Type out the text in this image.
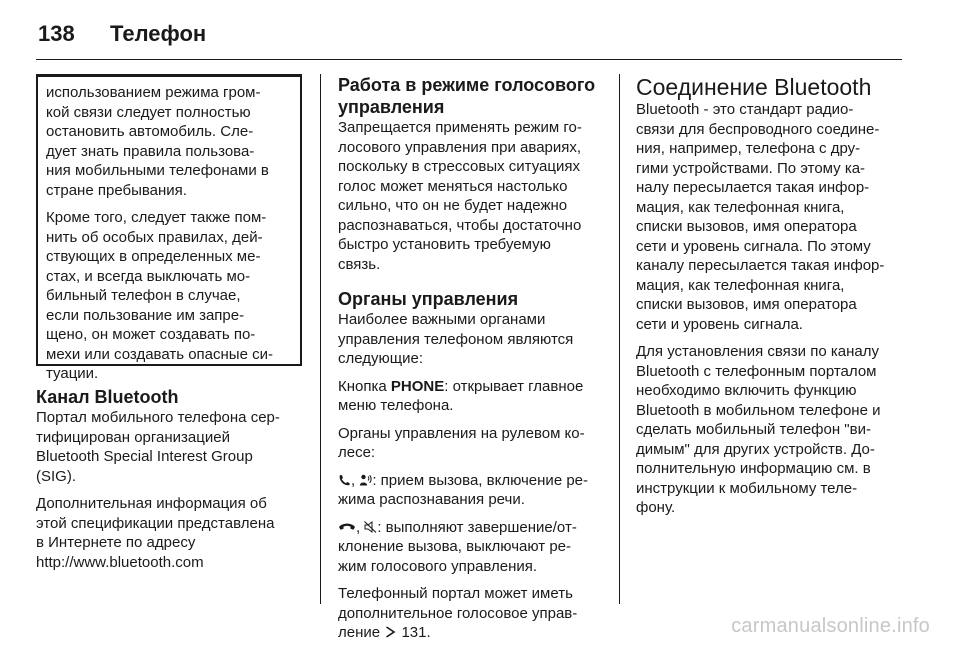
138 Телефон

использованием режима гром-
кой связи следует полностью
остановить автомобиль. Сле-
дует знать правила пользова-
ния мобильными телефонами в
стране пребывания.

Кроме того, следует также пом-
нить об особых правилах, дей-
ствующих в определенных ме-
стах, и всегда выключать мо-
бильный телефон в случае,
если пользование им запре-
щено, он может создавать по-
мехи или создавать опасные си-
туации.

Канал Bluetooth

Портал мобильного телефона сер-
тифицирован организацией
Bluetooth Special Interest Group
(SIG).

Дополнительная информация об
этой спецификации представлена
в Интернете по адресу
http://www.bluetooth.com

Работа в режиме голосового
управления

Запрещается применять режим го-
лосового управления при авариях,
поскольку в стрессовых ситуациях
голос может меняться настолько
сильно, что он не будет надежно
распознаваться, чтобы достаточно
быстро установить требуемую
связь.

Органы управления

Наиболее важными органами
управления телефоном являются
следующие:

Кнопка PHONE: открывает главное
меню телефона.

Органы управления на рулевом ко-
лесе:

, : прием вызова, включение ре-
жима распознавания речи.

, : выполняют завершение/от-
клонение вызова, выключают ре-
жим голосового управления.

Телефонный портал может иметь
дополнительное голосовое управ-
ление  131.

Соединение Bluetooth

Bluetooth - это стандарт радио-
связи для беспроводного соедине-
ния, например, телефона с дру-
гими устройствами. По этому ка-
налу пересылается такая инфор-
мация, как телефонная книга,
списки вызовов, имя оператора
сети и уровень сигнала. По этому
каналу пересылается такая инфор-
мация, как телефонная книга,
списки вызовов, имя оператора
сети и уровень сигнала.

Для установления связи по каналу
Bluetooth с телефонным порталом
необходимо включить функцию
Bluetooth в мобильном телефоне и
сделать мобильный телефон "ви-
димым" для других устройств. До-
полнительную информацию см. в
инструкции к мобильному теле-
фону.

carmanualsonline.info
